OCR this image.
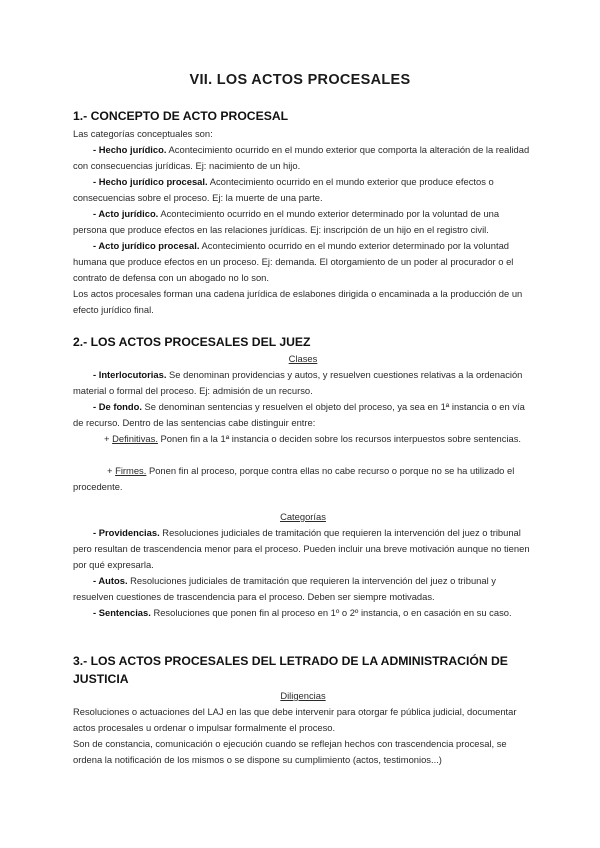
VII. LOS ACTOS PROCESALES
1.- CONCEPTO DE ACTO PROCESAL
Las categorías conceptuales son:
- Hecho jurídico. Acontecimiento ocurrido en el mundo exterior que comporta la alteración de la realidad con consecuencias jurídicas. Ej: nacimiento de un hijo.
- Hecho jurídico procesal. Acontecimiento ocurrido en el mundo exterior que produce efectos o consecuencias sobre el proceso. Ej: la muerte de una parte.
- Acto jurídico. Acontecimiento ocurrido en el mundo exterior determinado por la voluntad de una persona que produce efectos en las relaciones jurídicas. Ej: inscripción de un hijo en el registro civil.
- Acto jurídico procesal. Acontecimiento ocurrido en el mundo exterior determinado por la voluntad humana que produce efectos en un proceso. Ej: demanda. El otorgamiento de un poder al procurador o el contrato de defensa con un abogado no lo son.
Los actos procesales forman una cadena jurídica de eslabones dirigida o encaminada a la producción de un efecto jurídico final.
2.- LOS ACTOS PROCESALES DEL JUEZ
Clases
- Interlocutorias. Se denominan providencias y autos, y resuelven cuestiones relativas a la ordenación material o formal del proceso. Ej: admisión de un recurso.
- De fondo. Se denominan sentencias y resuelven el objeto del proceso, ya sea en 1ª instancia o en vía de recurso. Dentro de las sentencias cabe distinguir entre:
+ Definitivas. Ponen fin a la 1ª instancia o deciden sobre los recursos interpuestos sobre sentencias.
+ Firmes. Ponen fin al proceso, porque contra ellas no cabe recurso o porque no se ha utilizado el procedente.
Categorías
- Providencias. Resoluciones judiciales de tramitación que requieren la intervención del juez o tribunal pero resultan de trascendencia menor para el proceso. Pueden incluir una breve motivación aunque no tienen por qué expresarla.
- Autos. Resoluciones judiciales de tramitación que requieren la intervención del juez o tribunal y resuelven cuestiones de trascendencia para el proceso. Deben ser siempre motivadas.
- Sentencias. Resoluciones que ponen fin al proceso en 1º o 2º instancia, o en casación en su caso.
3.- LOS ACTOS PROCESALES DEL LETRADO DE LA ADMINISTRACIÓN DE JUSTICIA
Diligencias
Resoluciones o actuaciones del LAJ en las que debe intervenir para otorgar fe pública judicial, documentar actos procesales u ordenar o impulsar formalmente el proceso.
Son de constancia, comunicación o ejecución cuando se reflejan hechos con trascendencia procesal, se ordena la notificación de los mismos o se dispone su cumplimiento (actos, testimonios...)
